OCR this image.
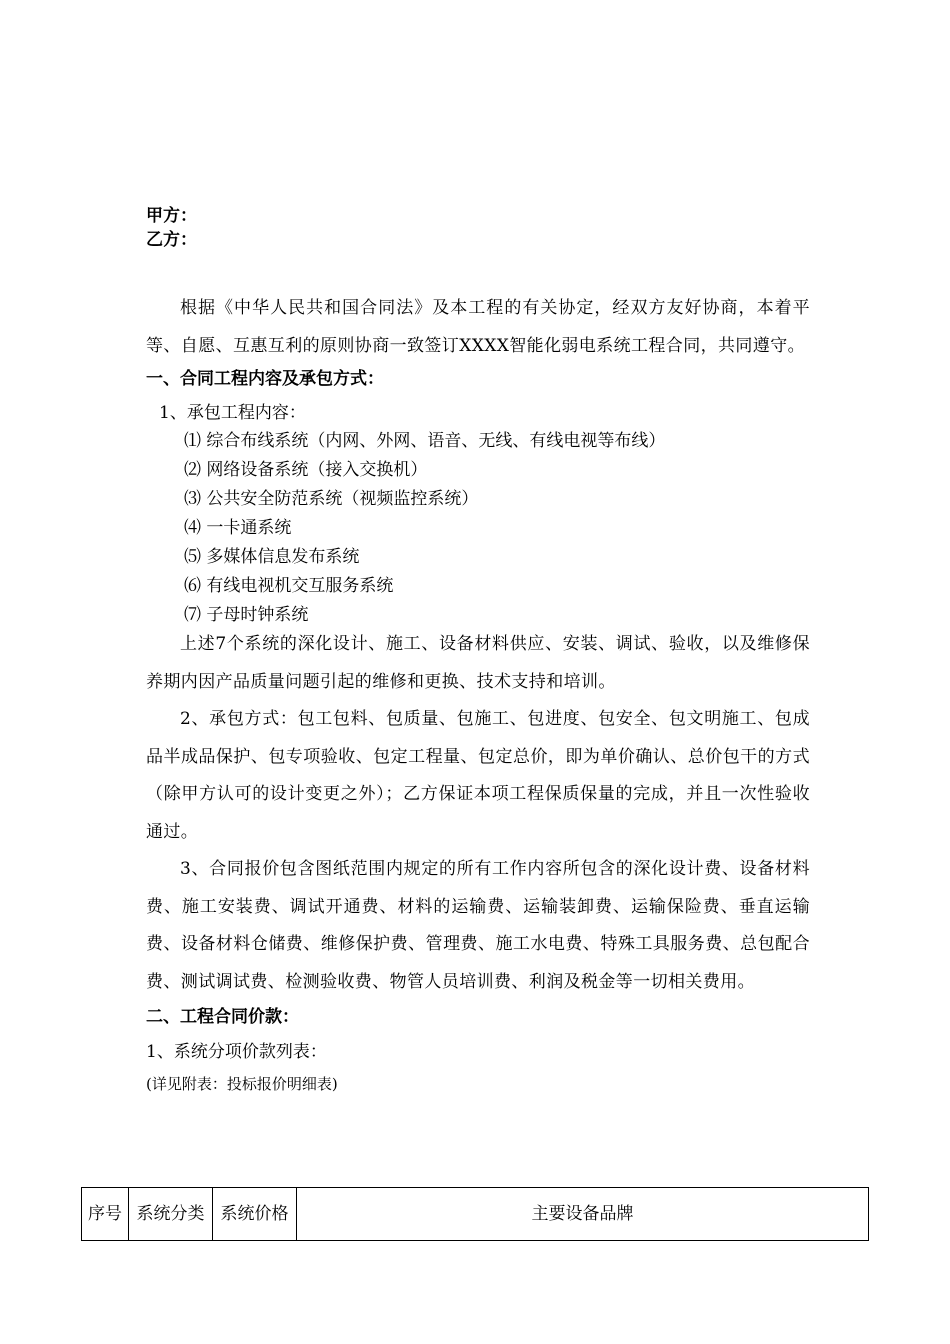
甲方：
乙方：
根据《中华人民共和国合同法》及本工程的有关协定，经双方友好协商，本着平等、自愿、互惠互利的原则协商一致签订XXXX智能化弱电系统工程合同，共同遵守。
一、合同工程内容及承包方式：
1、承包工程内容：
⑴ 综合布线系统（内网、外网、语音、无线、有线电视等布线）
⑵ 网络设备系统（接入交换机）
⑶ 公共安全防范系统（视频监控系统）
⑷ 一卡通系统
⑸ 多媒体信息发布系统
⑹ 有线电视机交互服务系统
⑺ 子母时钟系统
上述7个系统的深化设计、施工、设备材料供应、安装、调试、验收，以及维修保养期内因产品质量问题引起的维修和更换、技术支持和培训。
2、承包方式：包工包料、包质量、包施工、包进度、包安全、包文明施工、包成品半成品保护、包专项验收、包定工程量、包定总价，即为单价确认、总价包干的方式（除甲方认可的设计变更之外）；乙方保证本项工程保质保量的完成，并且一次性验收通过。
3、合同报价包含图纸范围内规定的所有工作内容所包含的深化设计费、设备材料费、施工安装费、调试开通费、材料的运输费、运输装卸费、运输保险费、垂直运输费、设备材料仓储费、维修保护费、管理费、施工水电费、特殊工具服务费、总包配合费、测试调试费、检测验收费、物管人员培训费、利润及税金等一切相关费用。
二、工程合同价款：
1、系统分项价款列表：
(详见附表：投标报价明细表)
序号	系统分类	系统价格	主要设备品牌
